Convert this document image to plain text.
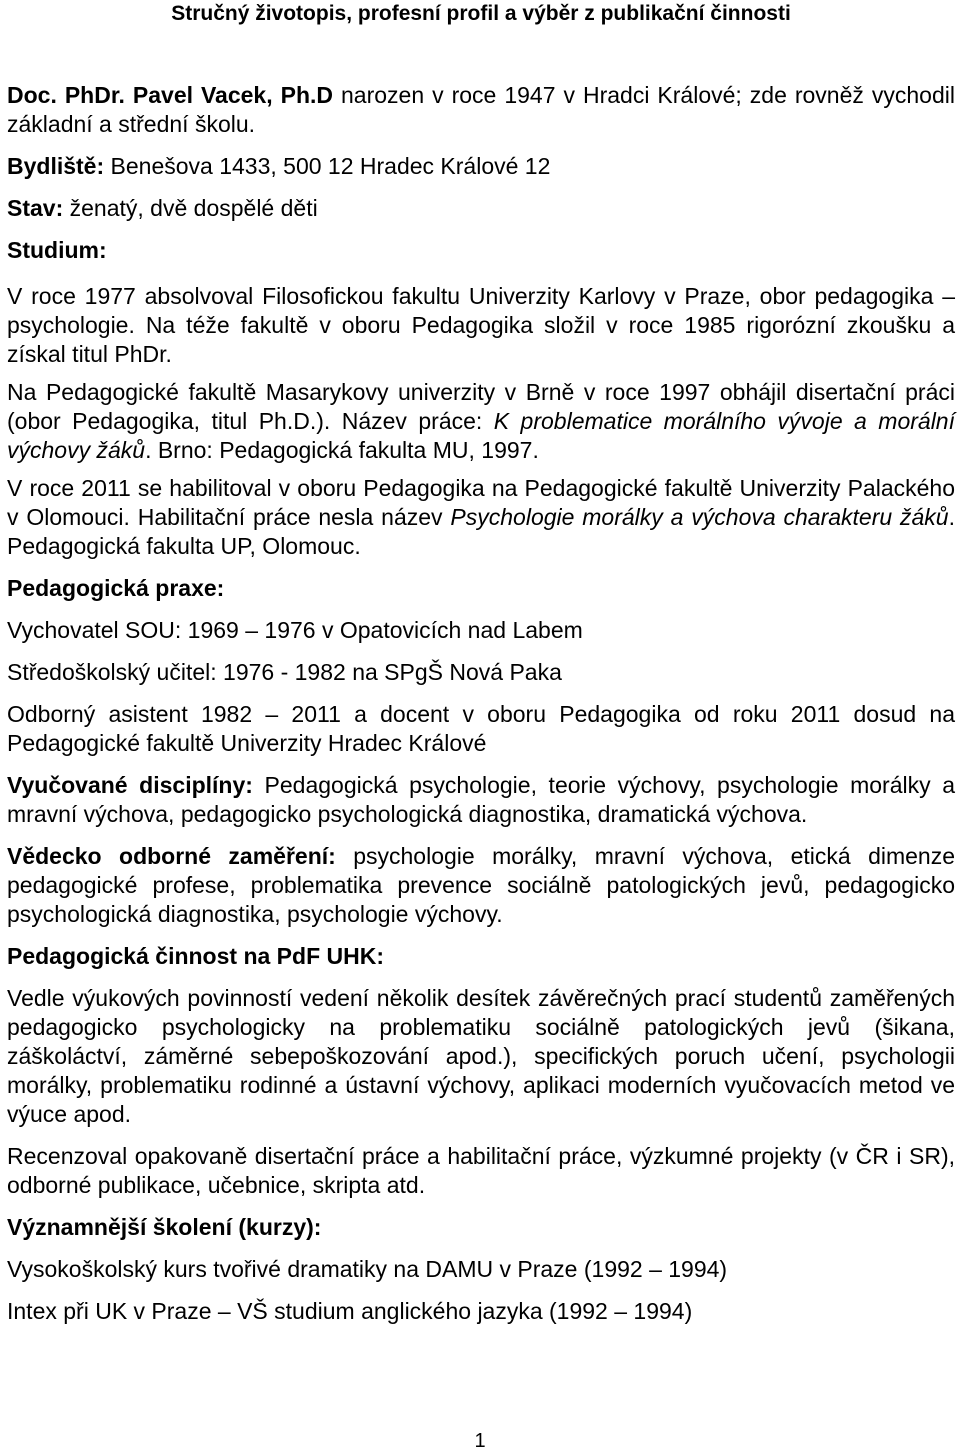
Stručný životopis, profesní profil a výběr z publikační činnosti

Doc. PhDr. Pavel Vacek, Ph.D narozen v roce 1947 v Hradci Králové; zde rovněž vychodil základní a střední školu.

Bydliště: Benešova 1433, 500 12 Hradec Králové 12

Stav: ženatý, dvě dospělé děti

Studium:

V roce 1977 absolvoval Filosofickou fakultu Univerzity Karlovy v Praze, obor pedagogika – psychologie. Na téže fakultě v oboru Pedagogika složil v roce 1985 rigorózní zkoušku a získal titul PhDr.

Na Pedagogické fakultě Masarykovy univerzity v Brně v roce 1997 obhájil disertační práci (obor Pedagogika, titul Ph.D.). Název práce: K problematice morálního vývoje a morální výchovy žáků. Brno: Pedagogická fakulta MU, 1997.

V roce 2011 se habilitoval v oboru Pedagogika na Pedagogické fakultě Univerzity Palackého v Olomouci. Habilitační práce nesla název Psychologie morálky a výchova charakteru žáků. Pedagogická fakulta UP, Olomouc.

Pedagogická praxe:

Vychovatel SOU: 1969 – 1976 v Opatovicích nad Labem

Středoškolský učitel: 1976 - 1982 na SPgŠ Nová Paka

Odborný asistent 1982 – 2011 a docent v oboru Pedagogika od roku 2011 dosud na Pedagogické fakultě Univerzity Hradec Králové

Vyučované disciplíny: Pedagogická psychologie, teorie výchovy, psychologie morálky a mravní výchova, pedagogicko psychologická diagnostika, dramatická výchova.

Vědecko odborné zaměření: psychologie morálky, mravní výchova, etická dimenze pedagogické profese, problematika prevence sociálně patologických jevů, pedagogicko psychologická diagnostika, psychologie výchovy.

Pedagogická činnost na PdF UHK:

Vedle výukových povinností vedení několik desítek závěrečných prací studentů zaměřených pedagogicko psychologicky na problematiku sociálně patologických jevů (šikana, záškoláctví, záměrné sebepoškozování apod.), specifických poruch učení, psychologii morálky, problematiku rodinné a ústavní výchovy, aplikaci moderních vyučovacích metod ve výuce apod.

Recenzoval opakovaně disertační práce a habilitační práce, výzkumné projekty (v ČR i SR), odborné publikace, učebnice, skripta atd.

Významnější školení (kurzy):

Vysokoškolský kurs tvořivé dramatiky na DAMU v Praze (1992 – 1994)

Intex při UK v Praze – VŠ studium anglického jazyka (1992 – 1994)

1
